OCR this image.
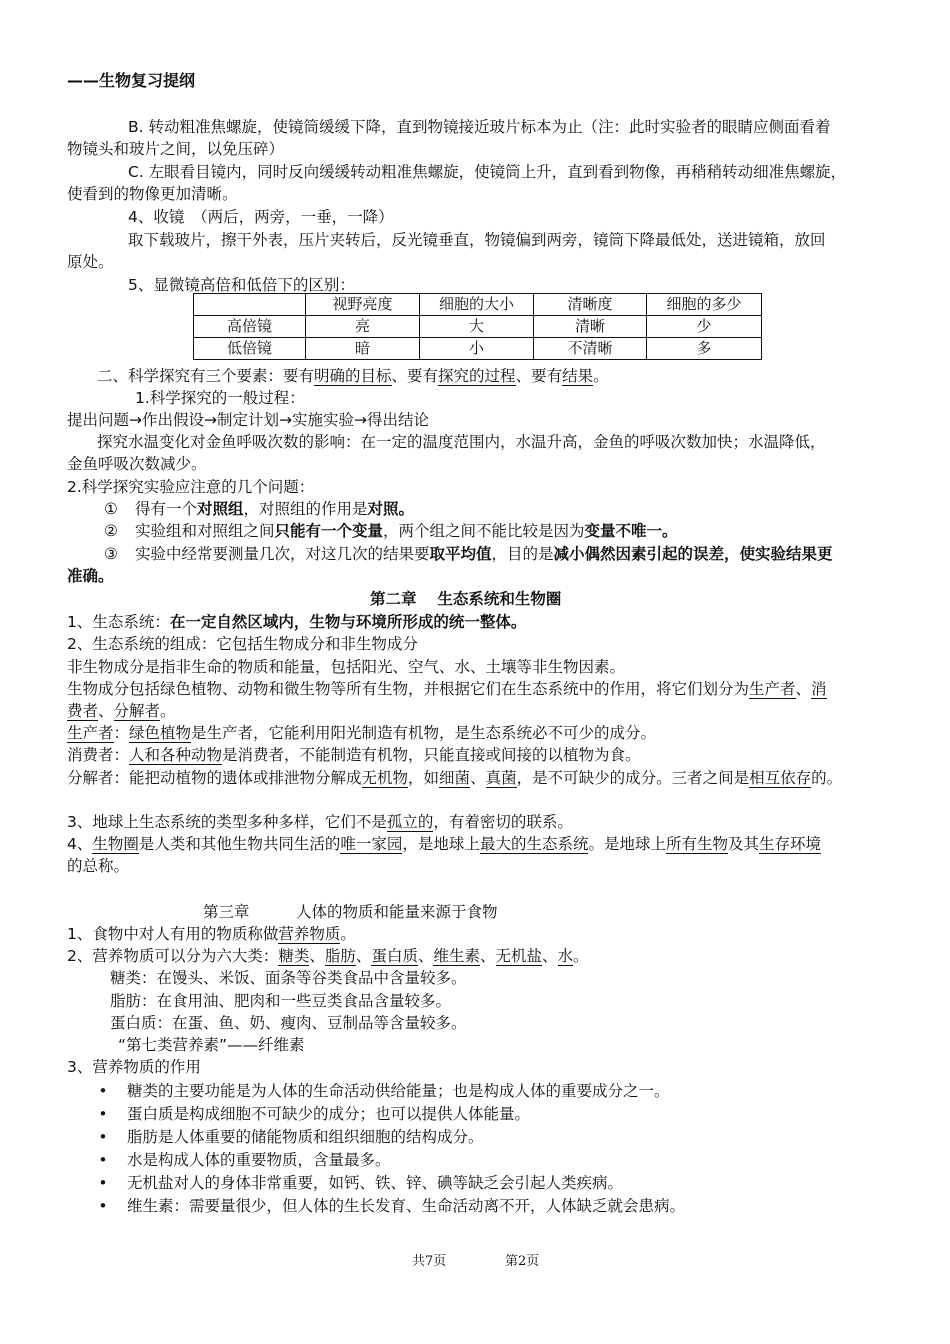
——生物复习提纲
B. 转动粗准焦螺旋，使镜筒缓缓下降，直到物镜接近玻片标本为止（注：此时实验者的眼睛应侧面看着
物镜头和玻片之间，以免压碎）
C. 左眼看目镜内，同时反向缓缓转动粗准焦螺旋，使镜筒上升，直到看到物像，再稍稍转动细准焦螺旋，
使看到的物像更加清晰。
4、收镜　（两后，两旁，一垂，一降）
取下载玻片，擦干外表，压片夹转后，反光镜垂直，物镜偏到两旁，镜筒下降最低处，送进镜箱，放回
原处。
5、显微镜高倍和低倍下的区别：
	视野亮度	细胞的大小	清晰度	细胞的多少
高倍镜	亮	大	清晰	少
低倍镜	暗	小	不清晰	多
二、科学探究有三个要素：要有明确的目标、要有探究的过程、要有结果。
1.科学探究的一般过程：
提出问题→作出假设→制定计划→实施实验→得出结论
探究水温变化对金鱼呼吸次数的影响：在一定的温度范围内，水温升高，金鱼的呼吸次数加快；水温降低，
金鱼呼吸次数减少。
2.科学探究实验应注意的几个问题：
① 得有一个对照组，对照组的作用是对照。
② 实验组和对照组之间只能有一个变量，两个组之间不能比较是因为变量不唯一。
③ 实验中经常要测量几次，对这几次的结果要取平均值，目的是减小偶然因素引起的误差，使实验结果更
准确。
第二章　 生态系统和生物圈
1、生态系统：在一定自然区域内，生物与环境所形成的统一整体。
2、生态系统的组成：它包括生物成分和非生物成分
非生物成分是指非生命的物质和能量，包括阳光、空气、水、土壤等非生物因素。
生物成分包括绿色植物、动物和微生物等所有生物，并根据它们在生态系统中的作用，将它们划分为生产者、消
费者、分解者。
生产者：绿色植物是生产者，它能利用阳光制造有机物，是生态系统必不可少的成分。
消费者：人和各种动物是消费者，不能制造有机物，只能直接或间接的以植物为食。
分解者：能把动植物的遗体或排泄物分解成无机物，如细菌、真菌，是不可缺少的成分。三者之间是相互依存的。
3、地球上生态系统的类型多种多样，它们不是孤立的，有着密切的联系。
4、生物圈是人类和其他生物共同生活的唯一家园，是地球上最大的生态系统。是地球上所有生物及其生存环境
的总称。
第三章	人体的物质和能量来源于食物
1、食物中对人有用的物质称做营养物质。
2、营养物质可以分为六大类：糖类、脂肪、蛋白质、维生素、无机盐、水。
糖类：在馒头、米饭、面条等谷类食品中含量较多。
脂肪：在食用油、肥肉和一些豆类食品含量较多。
蛋白质：在蛋、鱼、奶、瘦肉、豆制品等含量较多。
“第七类营养素”——纤维素
3、营养物质的作用
• 糖类的主要功能是为人体的生命活动供给能量；也是构成人体的重要成分之一。
• 蛋白质是构成细胞不可缺少的成分；也可以提供人体能量。
• 脂肪是人体重要的储能物质和组织细胞的结构成分。
• 水是构成人体的重要物质，含量最多。
• 无机盐对人的身体非常重要，如钙、铁、锌、碘等缺乏会引起人类疾病。
• 维生素：需要量很少，但人体的生长发育、生命活动离不开，人体缺乏就会患病。
共7页	第2页
